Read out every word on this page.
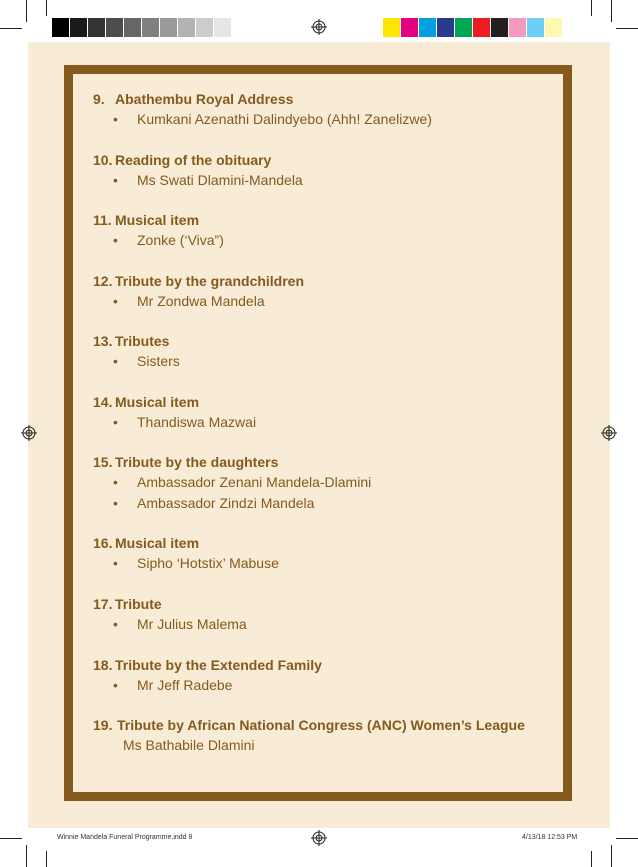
9. Abathembu Royal Address
•	Kumkani Azenathi Dalindyebo (Ahh! Zanelizwe)
10. Reading of the obituary
•	Ms Swati Dlamini-Mandela
11. Musical item
•	Zonke (‘Viva”)
12. Tribute by the grandchildren
•	Mr Zondwa Mandela
13. Tributes
•	Sisters
14. Musical item
•	Thandiswa Mazwai
15. Tribute by the daughters
•	Ambassador Zenani Mandela-Dlamini
•	Ambassador Zindzi Mandela
16. Musical item
•	Sipho ‘Hotstix’ Mabuse
17. Tribute
•	Mr Julius Malema
18. Tribute by the Extended Family
•	Mr Jeff Radebe
19. Tribute by African National Congress (ANC) Women’s League
Ms Bathabile Dlamini
Winnie Mandela Funeral Programme.indd 8	4/13/18 12:53 PM
